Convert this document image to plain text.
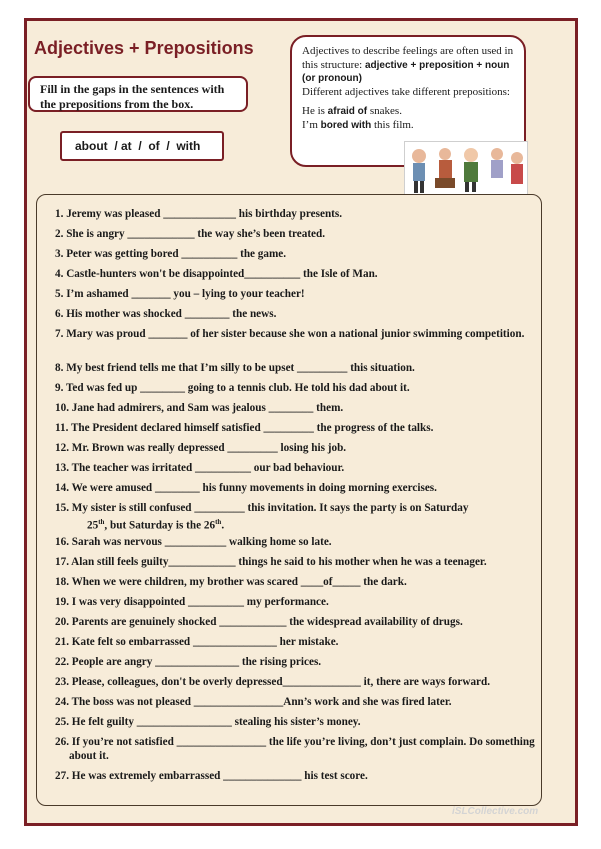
Adjectives + Prepositions
Fill in the gaps in the sentences with the prepositions from the box.
about  / at  /  of  /  with
Adjectives to describe feelings are often used in this structure: adjective + preposition + noun (or pronoun)
Different adjectives take different prepositions:
He is afraid of snakes.
I’m bored with this film.
1. Jeremy was pleased _____________ his birthday presents.
2. She is angry ____________ the way she’s been treated.
3. Peter was getting bored __________ the game.
4. Castle-hunters won't be disappointed__________ the Isle of Man.
5. I’m ashamed _______ you – lying to your teacher!
6. His mother was shocked ________ the news.
7. Mary was proud _______ of her sister because she won a national junior swimming competition.
8. My best friend tells me that I’m silly to be upset _________ this situation.
9. Ted was fed up ________ going to a tennis club. He told his dad about it.
10. Jane had admirers, and Sam was jealous ________ them.
11. The President declared himself satisfied _________ the progress of the talks.
12. Mr. Brown was really depressed _________ losing his job.
13. The teacher was irritated __________ our bad behaviour.
14. We were amused ________ his funny movements in doing morning exercises.
15. My sister is still confused _________ this invitation. It says the party is on Saturday
25th, but Saturday is the 26th.
16. Sarah was nervous ___________ walking home so late.
17. Alan still feels guilty____________ things he said to his mother when he was a teenager.
18. When we were children, my brother was scared ____of_____ the dark.
19. I was very disappointed __________ my performance.
20. Parents are genuinely shocked ____________ the widespread availability of drugs.
21. Kate felt so embarrassed _______________ her mistake.
22. People are angry _______________ the rising prices.
23. Please, colleagues, don't be overly depressed______________ it, there are ways forward.
24. The boss was not pleased ________________Ann’s work and she was fired later.
25. He felt guilty _________________ stealing his sister’s money.
26. If you’re not satisfied ________________ the life you’re living, don’t just complain. Do something about it.
27. He was extremely embarrassed ______________ his test score.
iSLCollective.com
